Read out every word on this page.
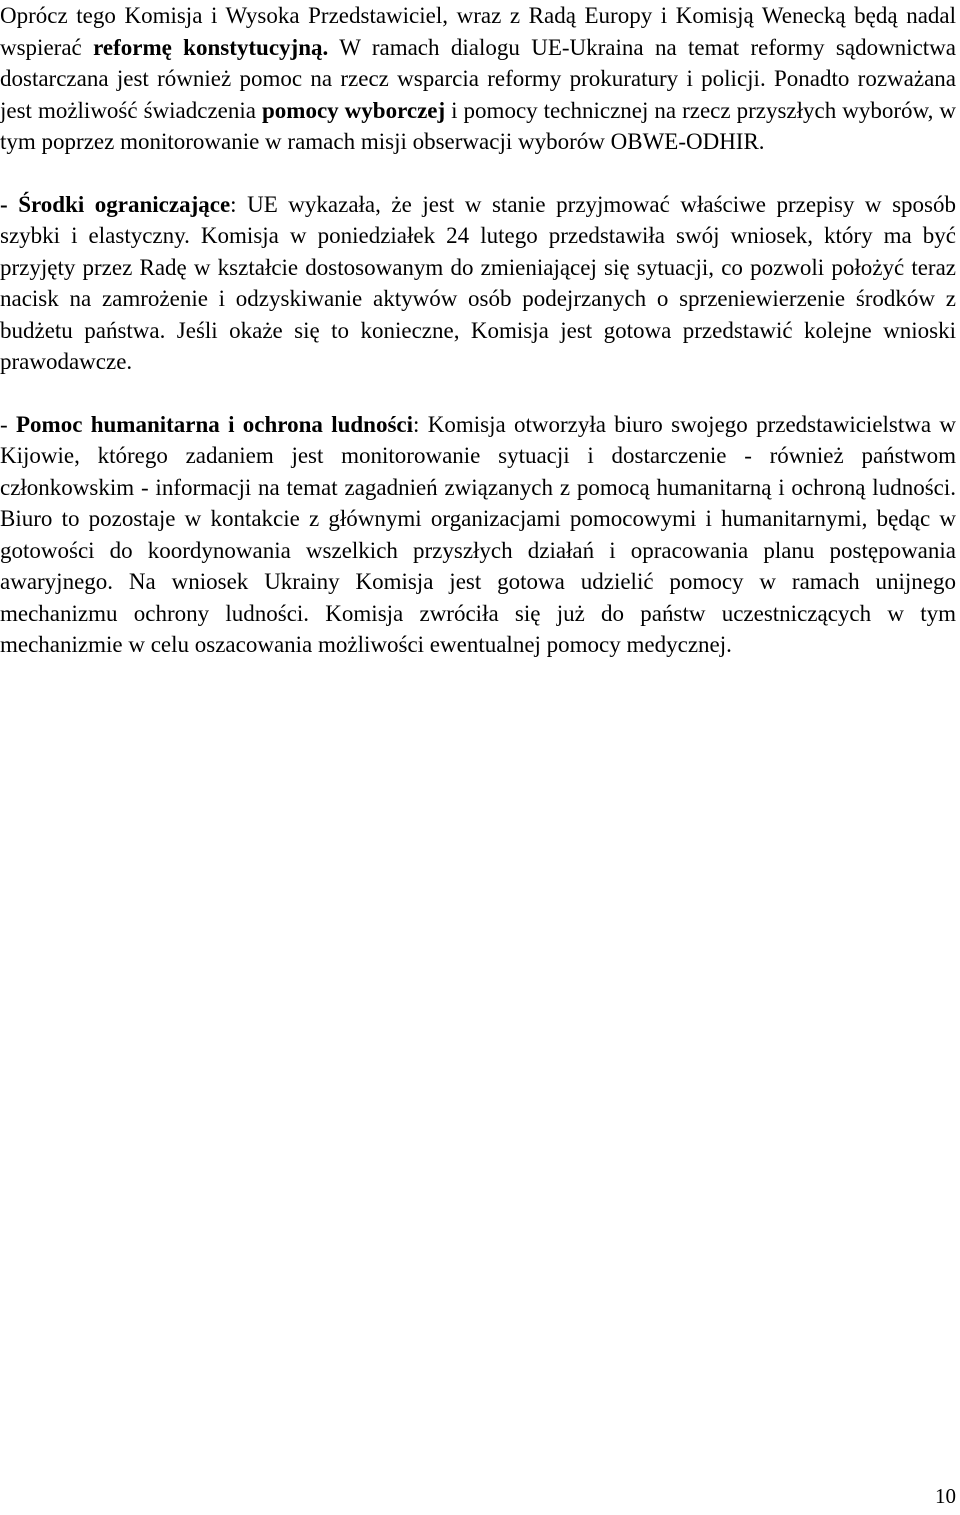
Oprócz tego Komisja i Wysoka Przedstawiciel, wraz z Radą Europy i Komisją Wenecką będą nadal wspierać reformę konstytucyjną. W ramach dialogu UE-Ukraina na temat reformy sądownictwa dostarczana jest również pomoc na rzecz wsparcia reformy prokuratury i policji. Ponadto rozważana jest możliwość świadczenia pomocy wyborczej i pomocy technicznej na rzecz przyszłych wyborów, w tym poprzez monitorowanie w ramach misji obserwacji wyborów OBWE-ODHIR.

- Środki ograniczające: UE wykazała, że jest w stanie przyjmować właściwe przepisy w sposób szybki i elastyczny. Komisja w poniedziałek 24 lutego przedstawiła swój wniosek, który ma być przyjęty przez Radę w kształcie dostosowanym do zmieniającej się sytuacji, co pozwoli położyć teraz nacisk na zamrożenie i odzyskiwanie aktywów osób podejrzanych o sprzeniewierzenie środków z budżetu państwa. Jeśli okaże się to konieczne, Komisja jest gotowa przedstawić kolejne wnioski prawodawcze.

- Pomoc humanitarna i ochrona ludności: Komisja otworzyła biuro swojego przedstawicielstwa w Kijowie, którego zadaniem jest monitorowanie sytuacji i dostarczenie - również państwom członkowskim - informacji na temat zagadnień związanych z pomocą humanitarną i ochroną ludności. Biuro to pozostaje w kontakcie z głównymi organizacjami pomocowymi i humanitarnymi, będąc w gotowości do koordynowania wszelkich przyszłych działań i opracowania planu postępowania awaryjnego. Na wniosek Ukrainy Komisja jest gotowa udzielić pomocy w ramach unijnego mechanizmu ochrony ludności. Komisja zwróciła się już do państw uczestniczących w tym mechanizmie w celu oszacowania możliwości ewentualnej pomocy medycznej.

10
